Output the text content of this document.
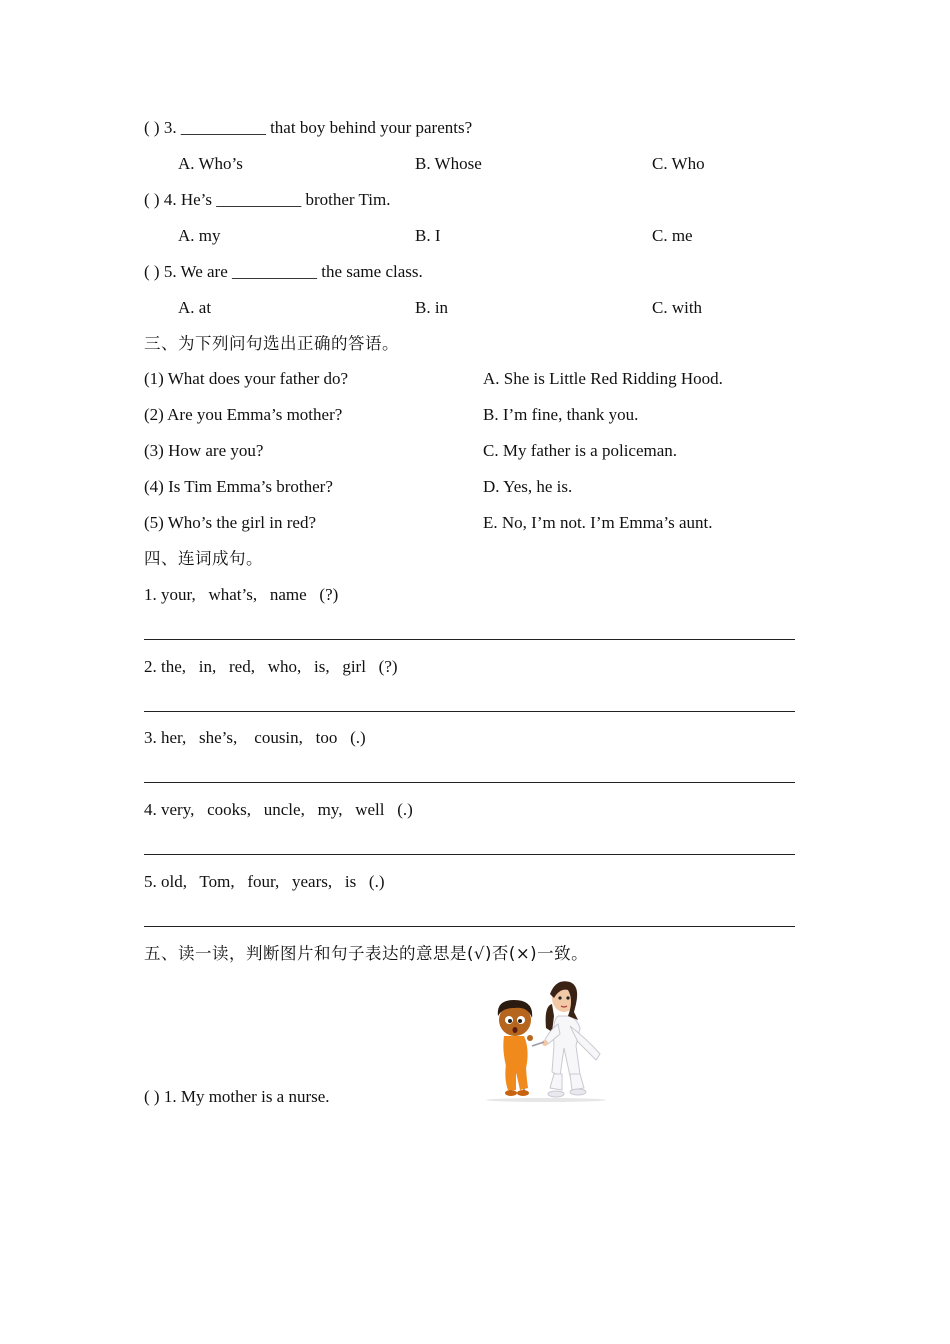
( ) 3. __________ that boy behind your parents?
A. Who’s	B. Whose	C. Who
( ) 4. He’s __________ brother Tim.
A. my	B. I	C. me
( ) 5. We are __________ the same class.
A. at	B. in	C. with
三、为下列问句选出正确的答语。
(1) What does your father do?	A. She is Little Red Ridding Hood.
(2) Are you Emma’s mother?	B. I’m fine, thank you.
(3) How are you?	C. My father is a policeman.
(4) Is Tim Emma’s brother?	D. Yes, he is.
(5) Who’s the girl in red?	E. No, I’m not. I’m Emma’s aunt.
四、连词成句。
1. your,   what’s,   name   (?)
2. the,   in,   red,   who,   is,   girl   (?)
3. her,   she’s,    cousin,   too   (.)
4. very,   cooks,   uncle,   my,   well   (.)
5. old,   Tom,   four,   years,   is   (.)
五、读一读，判断图片和句子表达的意思是(√)否(×)一致。
( ) 1. My mother is a nurse.
